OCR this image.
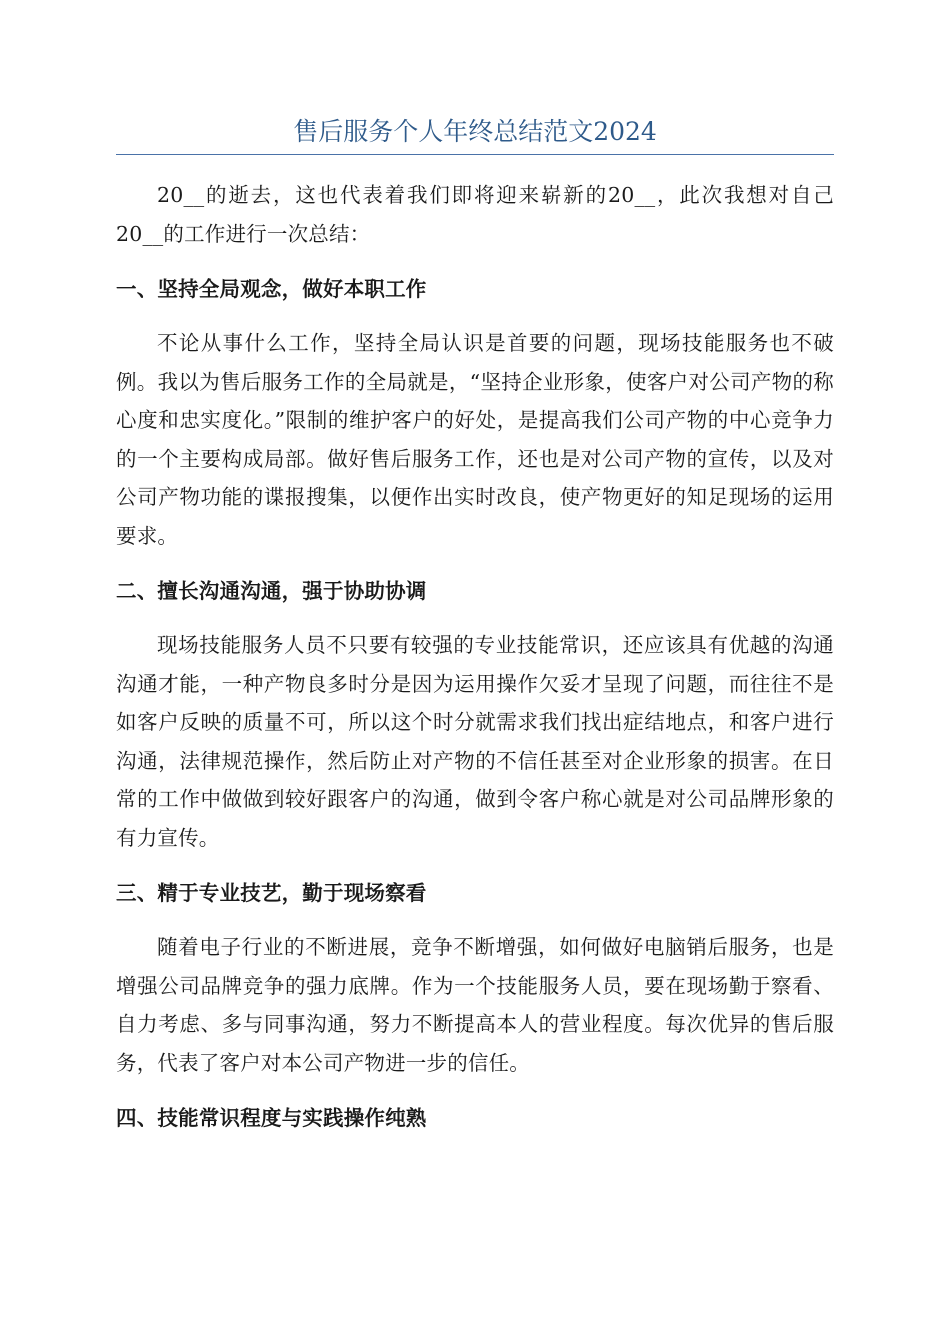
售后服务个人年终总结范文2024

20__的逝去，这也代表着我们即将迎来崭新的20__，此次我想对自己20__的工作进行一次总结：

一、坚持全局观念，做好本职工作

不论从事什么工作，坚持全局认识是首要的问题，现场技能服务也不破例。我以为售后服务工作的全局就是，“坚持企业形象，使客户对公司产物的称心度和忠实度化。”限制的维护客户的好处，是提高我们公司产物的中心竞争力的一个主要构成局部。做好售后服务工作，还也是对公司产物的宣传，以及对公司产物功能的谍报搜集，以便作出实时改良，使产物更好的知足现场的运用要求。

二、擅长沟通沟通，强于协助协调

现场技能服务人员不只要有较强的专业技能常识，还应该具有优越的沟通沟通才能，一种产物良多时分是因为运用操作欠妥才呈现了问题，而往往不是如客户反映的质量不可，所以这个时分就需求我们找出症结地点，和客户进行沟通，法律规范操作，然后防止对产物的不信任甚至对企业形象的损害。在日常的工作中做做到较好跟客户的沟通，做到令客户称心就是对公司品牌形象的有力宣传。

三、精于专业技艺，勤于现场察看

随着电子行业的不断进展，竞争不断增强，如何做好电脑销后服务，也是增强公司品牌竞争的强力底牌。作为一个技能服务人员，要在现场勤于察看、自力考虑、多与同事沟通，努力不断提高本人的营业程度。每次优异的售后服务，代表了客户对本公司产物进一步的信任。

四、技能常识程度与实践操作纯熟
